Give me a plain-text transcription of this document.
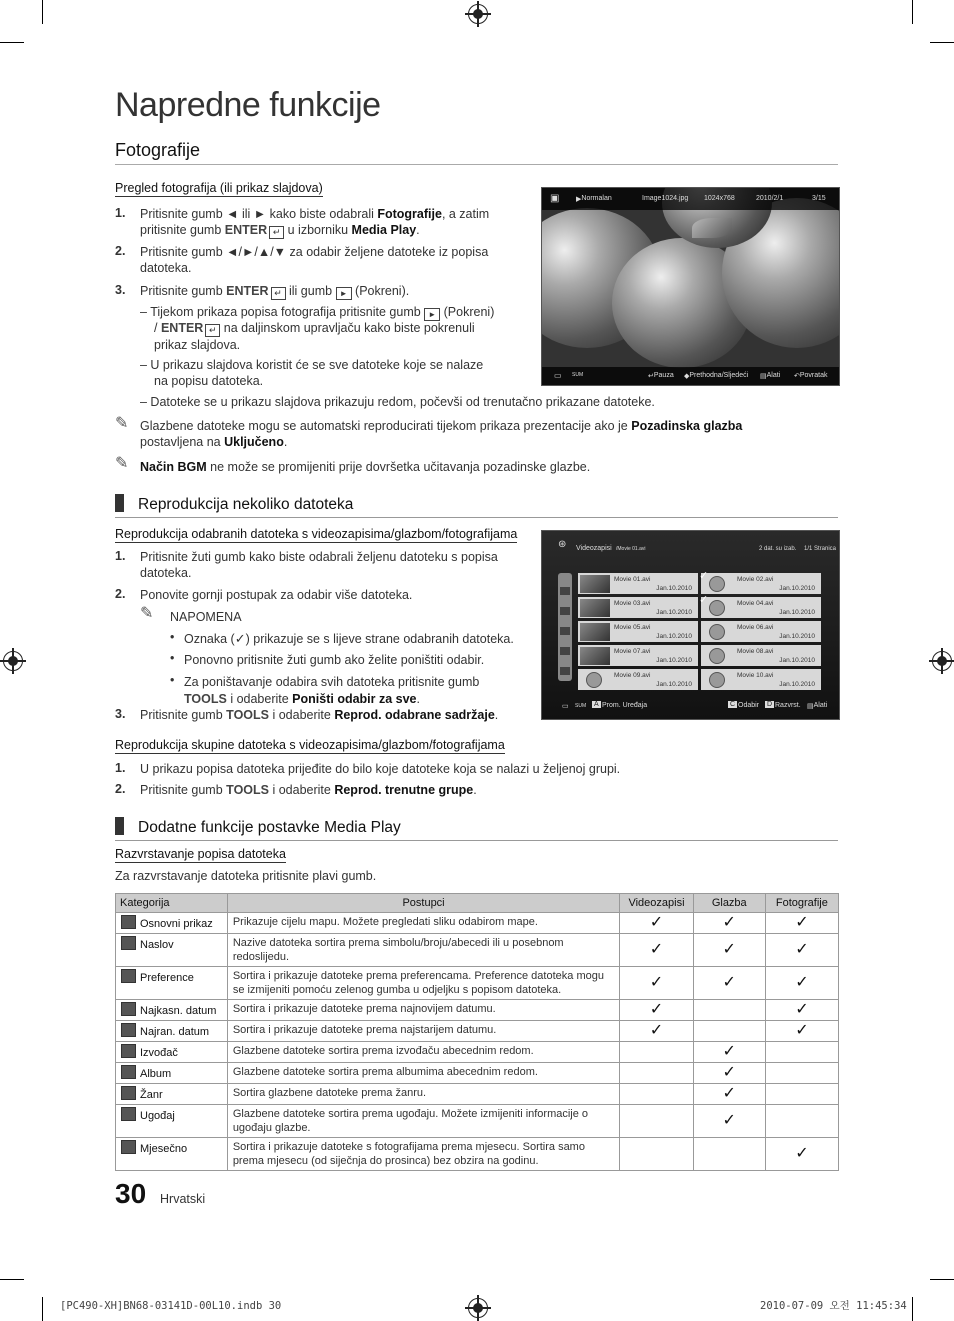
Napredne funkcije
Fotografije
Pregled fotografija (ili prikaz slajdova)
1. Pritisnite gumb ◄ ili ► kako biste odabrali Fotografije, a zatim
pritisnite gumb ENTER ↵ u izborniku Media Play.
2. Pritisnite gumb ◄/►/▲/▼ za odabir željene datoteke iz popisa
datoteka.
3. Pritisnite gumb ENTER ↵ ili gumb ► (Pokreni).
– Tijekom prikaza popisa fotografija pritisnite gumb ► (Pokreni)
/ ENTER ↵ na daljinskom upravljaču kako biste pokrenuli
prikaz slajdova.
– U prikazu slajdova koristit će se sve datoteke koje se nalaze
na popisu datoteka.
– Datoteke se u prikazu slajdova prikazuju redom, počevši od trenutačno prikazane datoteke.
✎ Glazbene datoteke mogu se automatski reproducirati tijekom prikaza prezentacije ako je Pozadinska glazba
postavljena na Uključeno.
✎ Način BGM ne može se promijeniti prije dovršetka učitavanja pozadinske glazbe.
▣ ▶ Normalan	Image1024.jpg 1024x768	2010/2/1	3/15
▭ SUM	↵ Pauza ◆ Prethodna/Sljedeći ▤ Alati ↶ Povratak
Reprodukcija nekoliko datoteka
Reprodukcija odabranih datoteka s videozapisima/glazbom/fotografijama
1. Pritisnite žuti gumb kako biste odabrali željenu datoteku s popisa
datoteka.
2. Ponovite gornji postupak za odabir više datoteka.
✎ NAPOMENA
• Oznaka (✓) prikazuje se s lijeve strane odabranih datoteka.
• Ponovno pritisnite žuti gumb ako želite poništiti odabir.
• Za poništavanje odabira svih datoteka pritisnite gumb
TOOLS i odaberite Poništi odabir za sve.
3. Pritisnite gumb TOOLS i odaberite Reprod. odabrane sadržaje.
⊛ Videozapisi /Movie 01.avi	2 dat. su izab. 1/1 Stranica
Movie 01.avi
Jan.10.2010
✓	Movie 02.avi
Jan.10.2010
Movie 03.avi
Jan.10.2010
✓	Movie 04.avi
Jan.10.2010
Movie 05.avi
Jan.10.2010
Movie 06.avi
Jan.10.2010
Movie 07.avi
Jan.10.2010
Movie 08.avi
Jan.10.2010
Movie 09.avi
Jan.10.2010
Movie 10.avi
Jan.10.2010
▭ SUM A Prom. Uređaja	C Odabir D Razvrst. ▤ Alati
Reprodukcija skupine datoteka s videozapisima/glazbom/fotografijama
1. U prikazu popisa datoteka prijeđite do bilo koje datoteke koja se nalazi u željenoj grupi.
2. Pritisnite gumb TOOLS i odaberite Reprod. trenutne grupe.
Dodatne funkcije postavke Media Play
Razvrstavanje popisa datoteka
Za razvrstavanje datoteka pritisnite plavi gumb.
Kategorija	Postupci	Videozapisi	Glazba	Fotografije
Osnovni prikaz	Prikazuje cijelu mapu. Možete pregledati sliku odabirom mape.	✓	✓	✓
Naslov	Nazive datoteka sortira prema simbolu/broju/abecedi ili u posebnom redoslijedu.	✓	✓	✓
Preference	Sortira i prikazuje datoteke prema preferencama. Preference datoteka mogu se izmijeniti pomoću zelenog gumba u odjeljku s popisom datoteka.	✓	✓	✓
Najkasn. datum	Sortira i prikazuje datoteke prema najnovijem datumu.	✓		✓
Najran. datum	Sortira i prikazuje datoteke prema najstarijem datumu.	✓		✓
Izvođač	Glazbene datoteke sortira prema izvođaču abecednim redom.		✓	
Album	Glazbene datoteke sortira prema albumima abecednim redom.		✓	
Žanr	Sortira glazbene datoteke prema žanru.		✓	
Ugođaj	Glazbene datoteke sortira prema ugođaju. Možete izmijeniti informacije o ugođaju glazbe.		✓	
Mjesečno	Sortira i prikazuje datoteke s fotografijama prema mjesecu. Sortira samo prema mjesecu (od siječnja do prosinca) bez obzira na godinu.			✓
30 Hrvatski
[PC490-XH]BN68-03141D-00L10.indb 30	2010-07-09 오전 11:45:34
